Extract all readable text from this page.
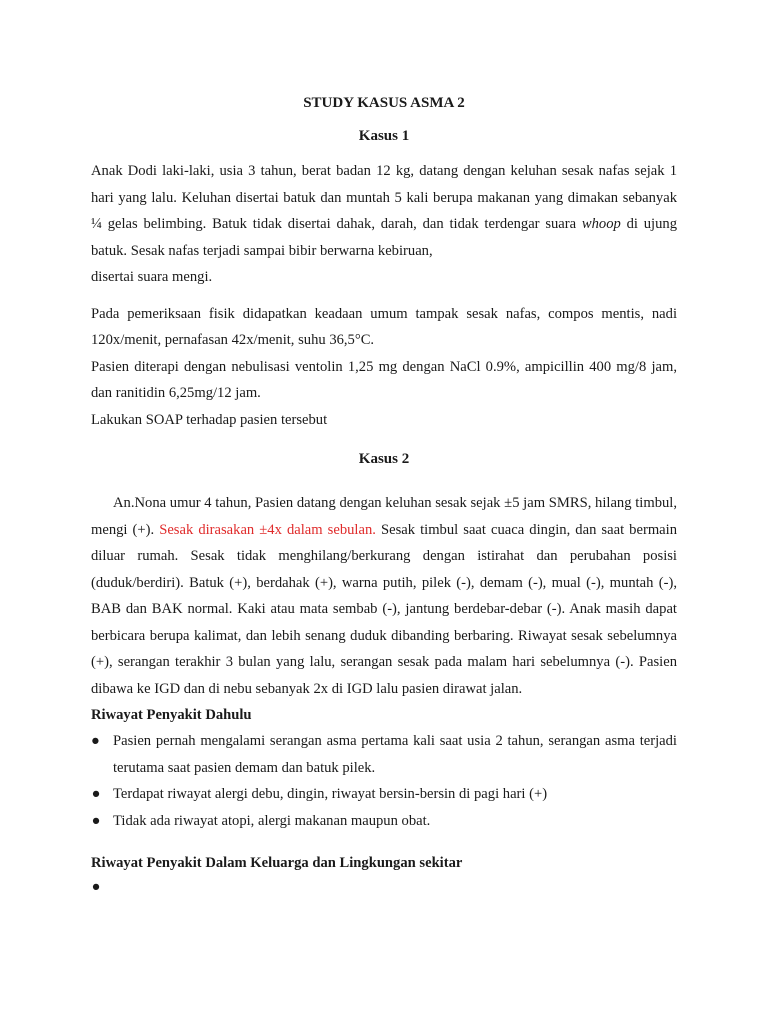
STUDY KASUS ASMA 2
Kasus 1

Anak Dodi laki-laki, usia 3 tahun, berat badan 12 kg, datang dengan keluhan sesak nafas sejak 1 hari yang lalu. Keluhan disertai batuk dan muntah 5 kali berupa makanan yang dimakan sebanyak ¼ gelas belimbing. Batuk tidak disertai dahak, darah, dan tidak terdengar suara whoop di ujung batuk. Sesak nafas terjadi sampai bibir berwarna kebiruan,

disertai suara mengi.

Pada pemeriksaan fisik didapatkan keadaan umum tampak sesak nafas, compos mentis, nadi 120x/menit, pernafasan 42x/menit, suhu 36,5°C.

Pasien diterapi dengan nebulisasi ventolin 1,25 mg dengan NaCl 0.9%, ampicillin 400 mg/8 jam, dan ranitidin 6,25mg/12 jam.

Lakukan SOAP terhadap pasien tersebut

Kasus 2

An.Nona umur 4 tahun, Pasien datang dengan keluhan sesak sejak ±5 jam SMRS, hilang timbul, mengi (+). Sesak dirasakan ±4x dalam sebulan. Sesak timbul saat cuaca dingin, dan saat bermain diluar rumah. Sesak tidak menghilang/berkurang dengan istirahat dan perubahan posisi (duduk/berdiri). Batuk (+), berdahak (+), warna putih, pilek (-), demam (-), mual (-), muntah (-), BAB dan BAK normal. Kaki atau mata sembab (-), jantung berdebar-debar (-). Anak masih dapat berbicara berupa kalimat, dan lebih senang duduk dibanding berbaring. Riwayat sesak sebelumnya (+), serangan terakhir 3 bulan yang lalu, serangan sesak pada malam hari sebelumnya (-). Pasien dibawa ke IGD dan di nebu sebanyak 2x di IGD lalu pasien dirawat jalan.

Riwayat Penyakit Dahulu

● Pasien pernah mengalami serangan asma pertama kali saat usia 2 tahun, serangan asma terjadi terutama saat pasien demam dan batuk pilek.
● Terdapat riwayat alergi debu, dingin, riwayat bersin-bersin di pagi hari (+)
● Tidak ada riwayat atopi, alergi makanan maupun obat.

Riwayat Penyakit Dalam Keluarga dan Lingkungan sekitar

●
